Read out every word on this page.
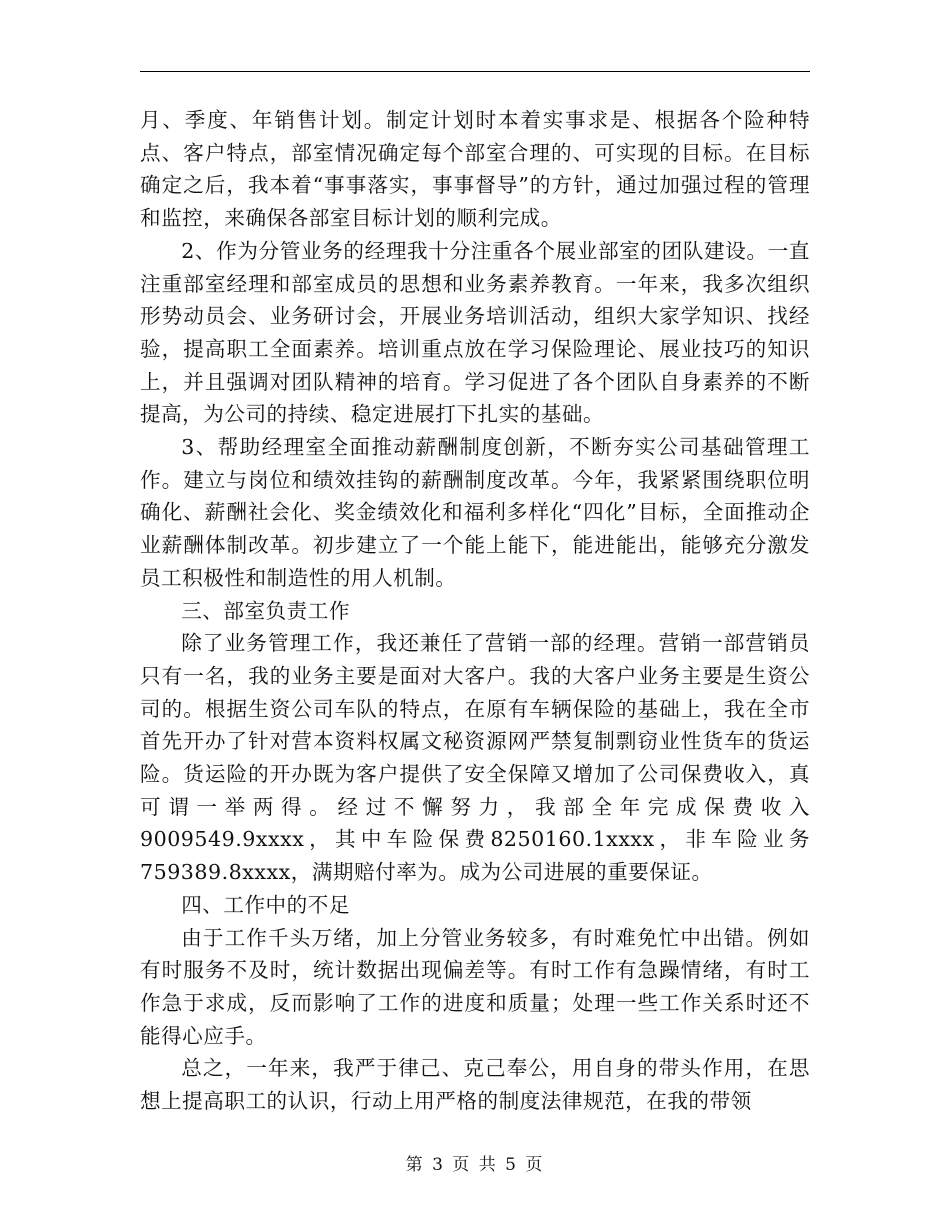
月、季度、年销售计划。制定计划时本着实事求是、根据各个险种特点、客户特点，部室情况确定每个部室合理的、可实现的目标。在目标确定之后，我本着“事事落实，事事督导”的方针，通过加强过程的管理和监控，来确保各部室目标计划的顺利完成。

2、作为分管业务的经理我十分注重各个展业部室的团队建设。一直注重部室经理和部室成员的思想和业务素养教育。一年来，我多次组织形势动员会、业务研讨会，开展业务培训活动，组织大家学知识、找经验，提高职工全面素养。培训重点放在学习保险理论、展业技巧的知识上，并且强调对团队精神的培育。学习促进了各个团队自身素养的不断提高，为公司的持续、稳定进展打下扎实的基础。

3、帮助经理室全面推动薪酬制度创新，不断夯实公司基础管理工作。建立与岗位和绩效挂钩的薪酬制度改革。今年，我紧紧围绕职位明确化、薪酬社会化、奖金绩效化和福利多样化“四化”目标，全面推动企业薪酬体制改革。初步建立了一个能上能下，能进能出，能够充分激发员工积极性和制造性的用人机制。

三、部室负责工作

除了业务管理工作，我还兼任了营销一部的经理。营销一部营销员只有一名，我的业务主要是面对大客户。我的大客户业务主要是生资公司的。根据生资公司车队的特点，在原有车辆保险的基础上，我在全市首先开办了针对营本资料权属文秘资源网严禁复制剽窃业性货车的货运险。货运险的开办既为客户提供了安全保障又增加了公司保费收入，真可谓一举两得。经过不懈努力，我部全年完成保费收入9009549.9xxxx，其中车险保费8250160.1xxxx，非车险业务759389.8xxxx，满期赔付率为。成为公司进展的重要保证。

四、工作中的不足

由于工作千头万绪，加上分管业务较多，有时难免忙中出错。例如有时服务不及时，统计数据出现偏差等。有时工作有急躁情绪，有时工作急于求成，反而影响了工作的进度和质量；处理一些工作关系时还不能得心应手。

总之，一年来，我严于律己、克己奉公，用自身的带头作用，在思想上提高职工的认识，行动上用严格的制度法律规范，在我的带领

第 3 页 共 5 页
